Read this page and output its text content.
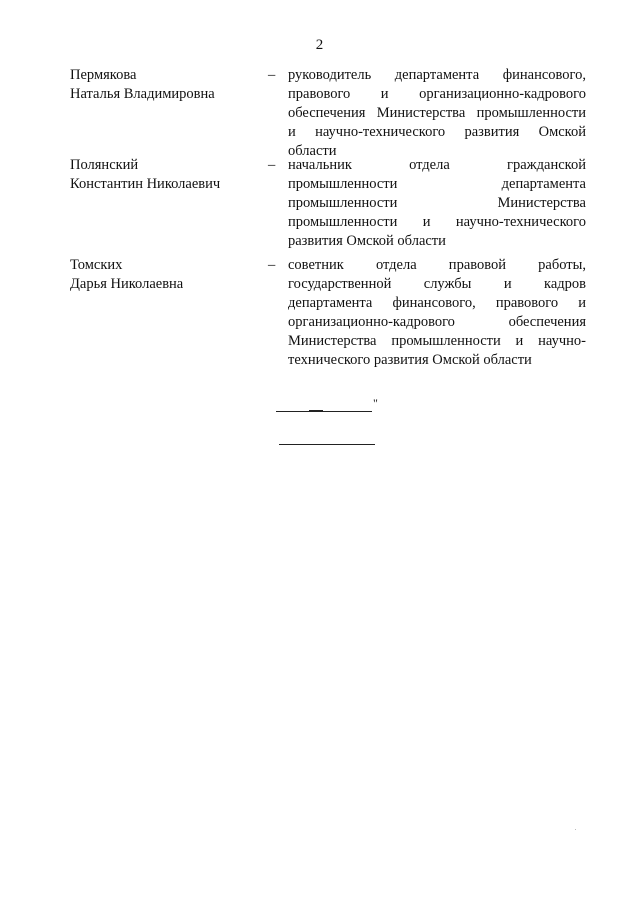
2
Пермякова
Наталья Владимировна
– руководитель департамента финансового,
правового и организационно-кадрового
обеспечения Министерства промышленности
и научно-технического развития Омской
области
Полянский
Константин Николаевич
– начальник отдела гражданской
промышленности департамента
промышленности Министерства
промышленности и научно-технического
развития Омской области
Томских
Дарья Николаевна
– советник отдела правовой работы,
государственной службы и кадров
департамента финансового, правового и
организационно-кадрового обеспечения
Министерства промышленности и научно-
технического развития Омской области
"
